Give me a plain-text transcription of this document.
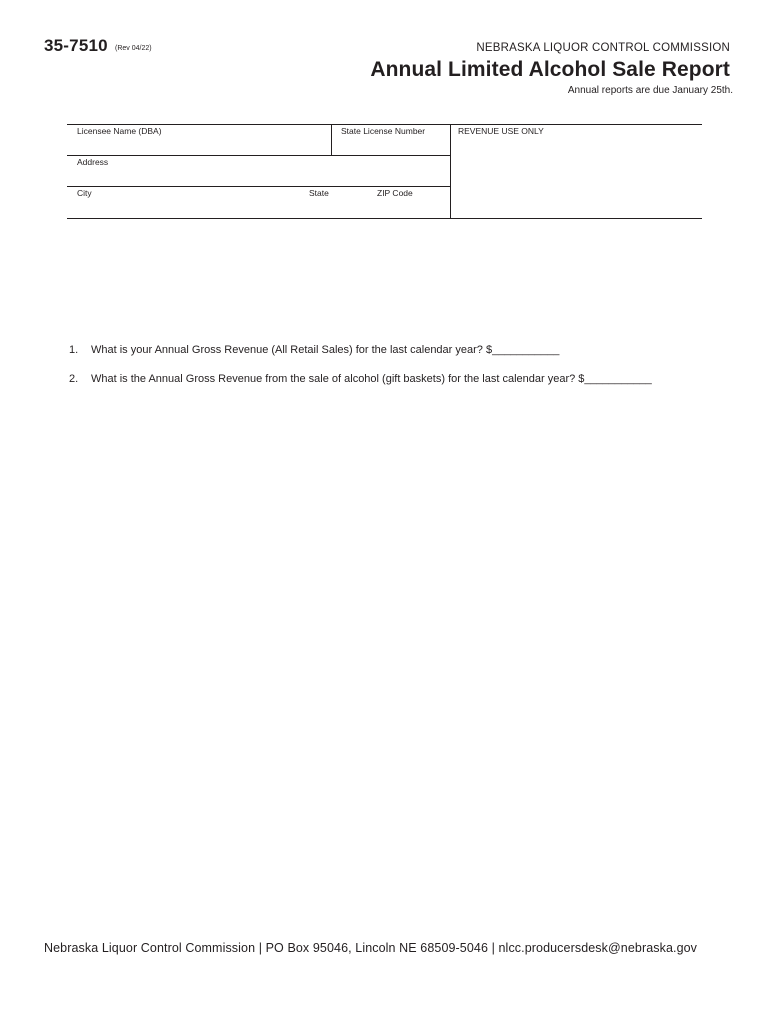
35-7510 (Rev 04/22)	NEBRASKA LIQUOR CONTROL COMMISSION
Annual Limited Alcohol Sale Report
Annual reports are due January 25th.
Licensee Name (DBA)	State License Number	REVENUE USE ONLY
Address
City	State	ZIP Code
1. What is your Annual Gross Revenue (All Retail Sales) for the last calendar year? $___________
2. What is the Annual Gross Revenue from the sale of alcohol (gift baskets) for the last calendar year? $___________
Nebraska Liquor Control Commission | PO Box 95046, Lincoln NE 68509-5046 | nlcc.producersdesk@nebraska.gov
